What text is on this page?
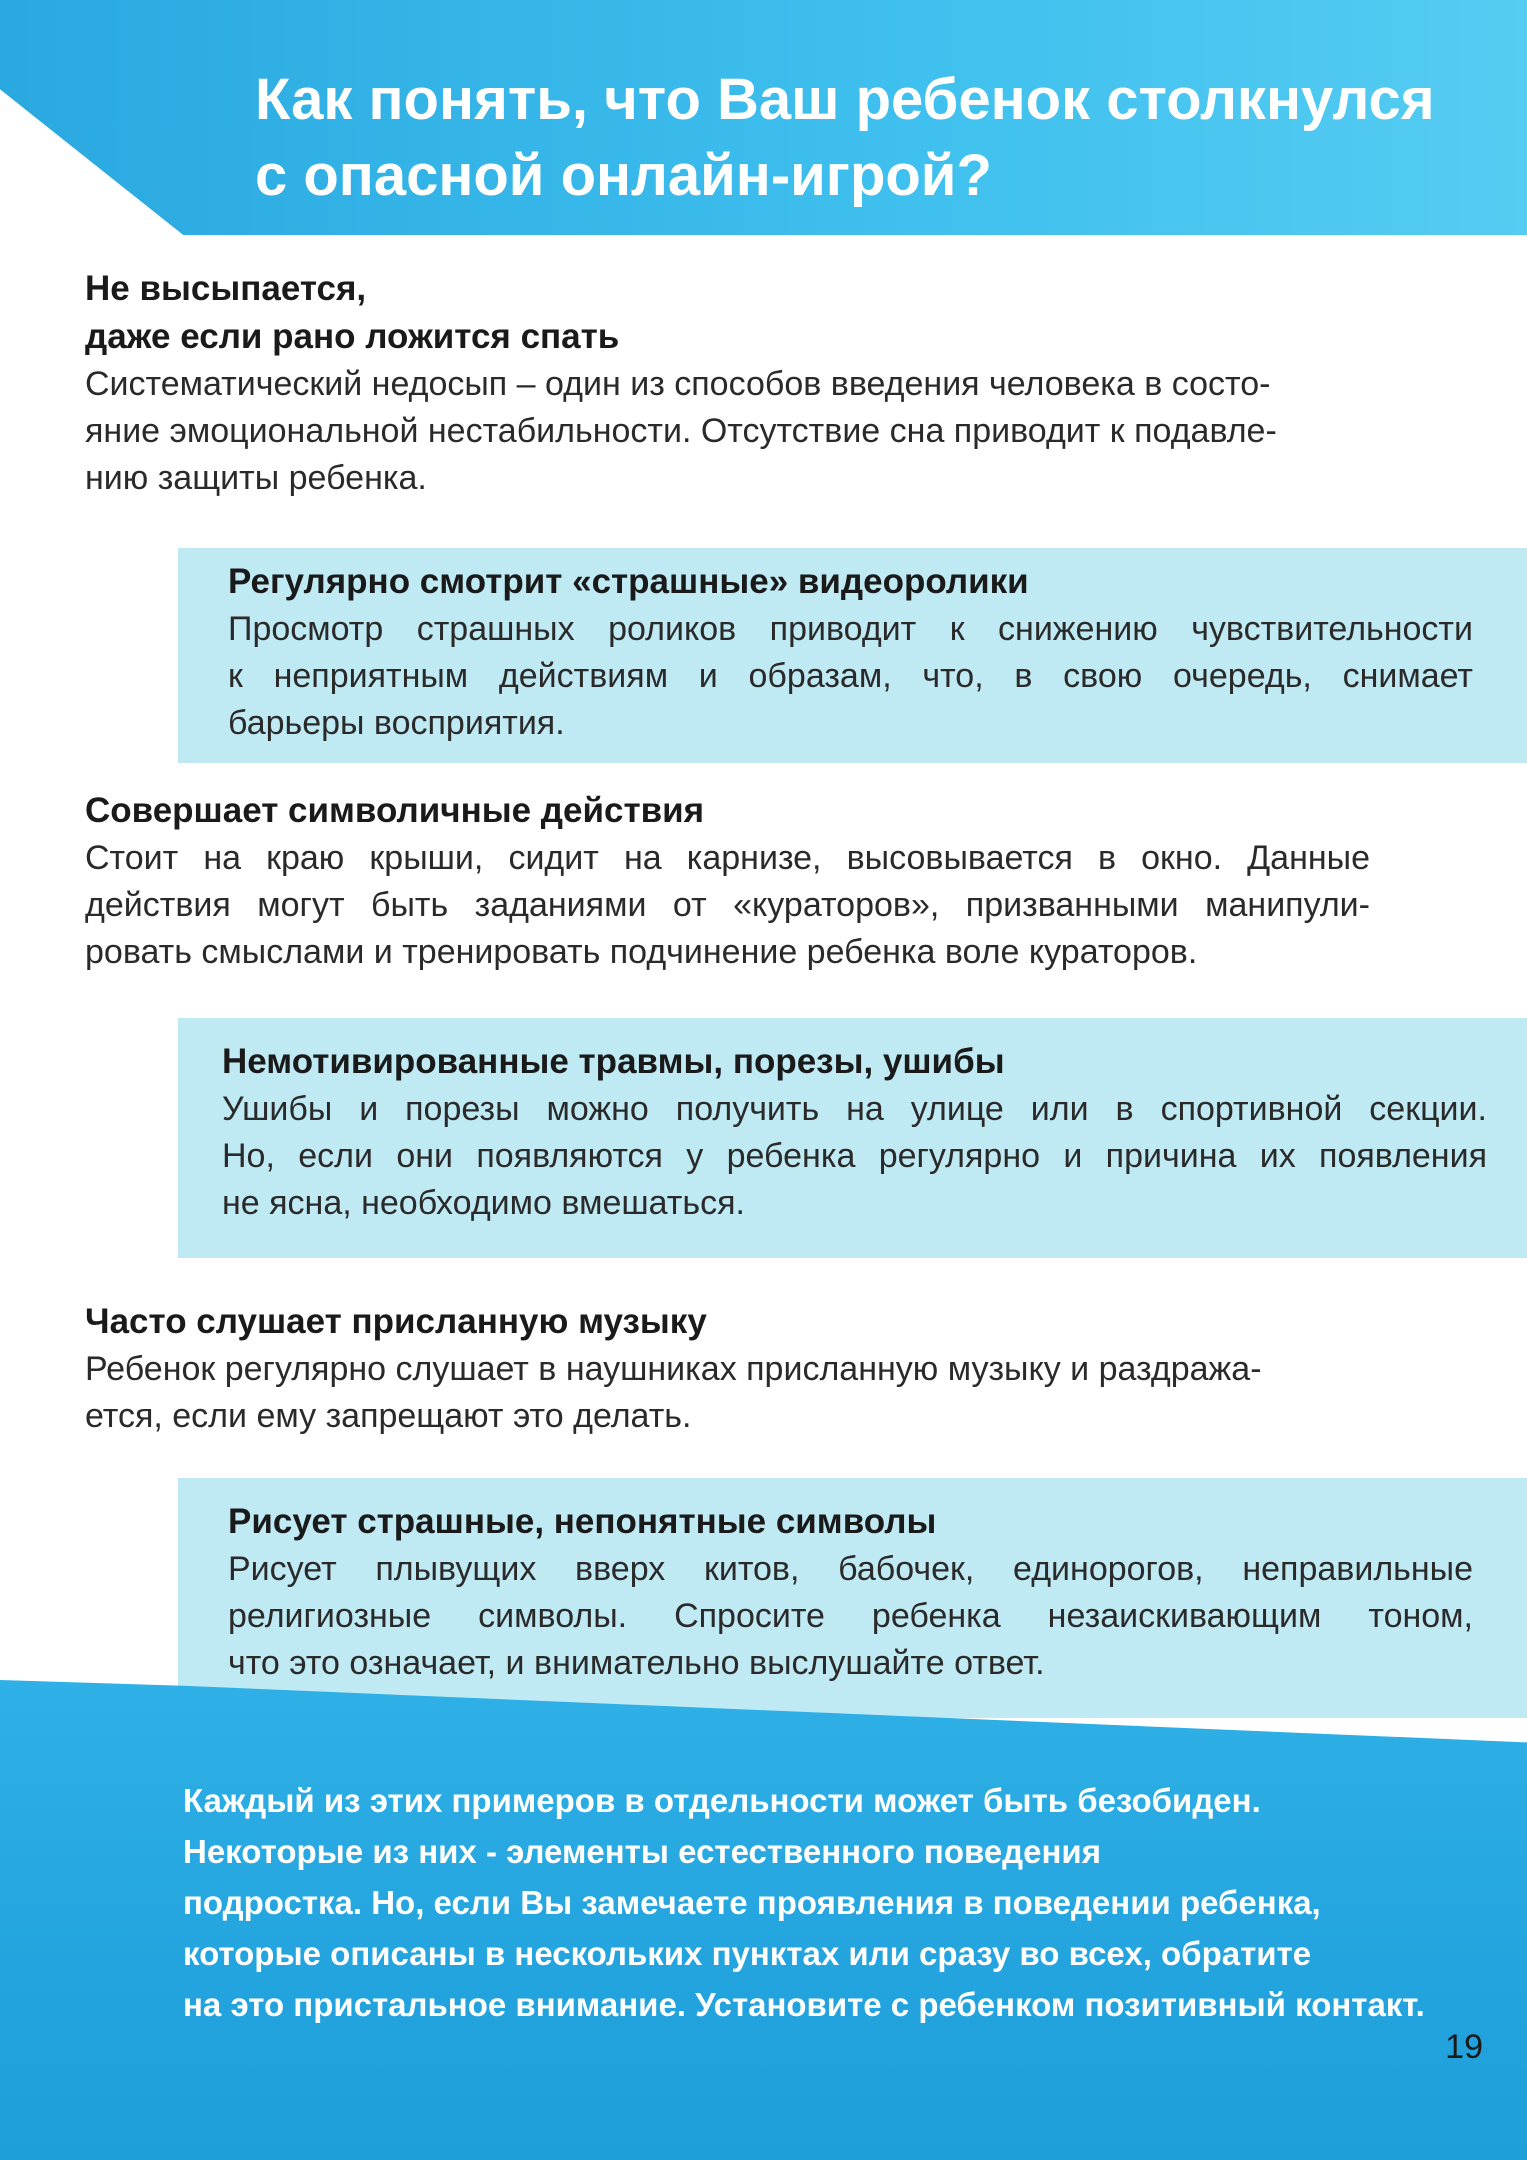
Как понять, что Ваш ребенок столкнулся
с опасной онлайн-игрой?
Не высыпается,
даже если рано ложится спать

Систематический недосып – один из способов введения человека в состо-
яние эмоциональной нестабильности. Отсутствие сна приводит к подавле-
нию защиты ребенка.

Регулярно смотрит «страшные» видеоролики

Просмотр страшных роликов приводит к снижению чувствительности
к неприятным действиям и образам, что, в свою очередь, снимает
барьеры восприятия.

Совершает символичные действия

Стоит на краю крыши, сидит на карнизе, высовывается в окно. Данные
действия могут быть заданиями от «кураторов», призванными манипули-
ровать смыслами и тренировать подчинение ребенка воле кураторов.

Немотивированные травмы, порезы, ушибы

Ушибы и порезы можно получить на улице или в спортивной секции.
Но, если они появляются у ребенка регулярно и причина их появления
не ясна, необходимо вмешаться.

Часто слушает присланную музыку

Ребенок регулярно слушает в наушниках присланную музыку и раздража-
ется, если ему запрещают это делать.

Рисует страшные, непонятные символы

Рисует плывущих вверх китов, бабочек, единорогов, неправильные
религиозные символы. Спросите ребенка незаискивающим тоном,
что это означает, и внимательно выслушайте ответ.

Каждый из этих примеров в отдельности может быть безобиден.
Некоторые из них - элементы естественного поведения
подростка. Но, если Вы замечаете проявления в поведении ребенка,
которые описаны в нескольких пунктах или сразу во всех, обратите
на это пристальное внимание. Установите с ребенком позитивный контакт.

19
